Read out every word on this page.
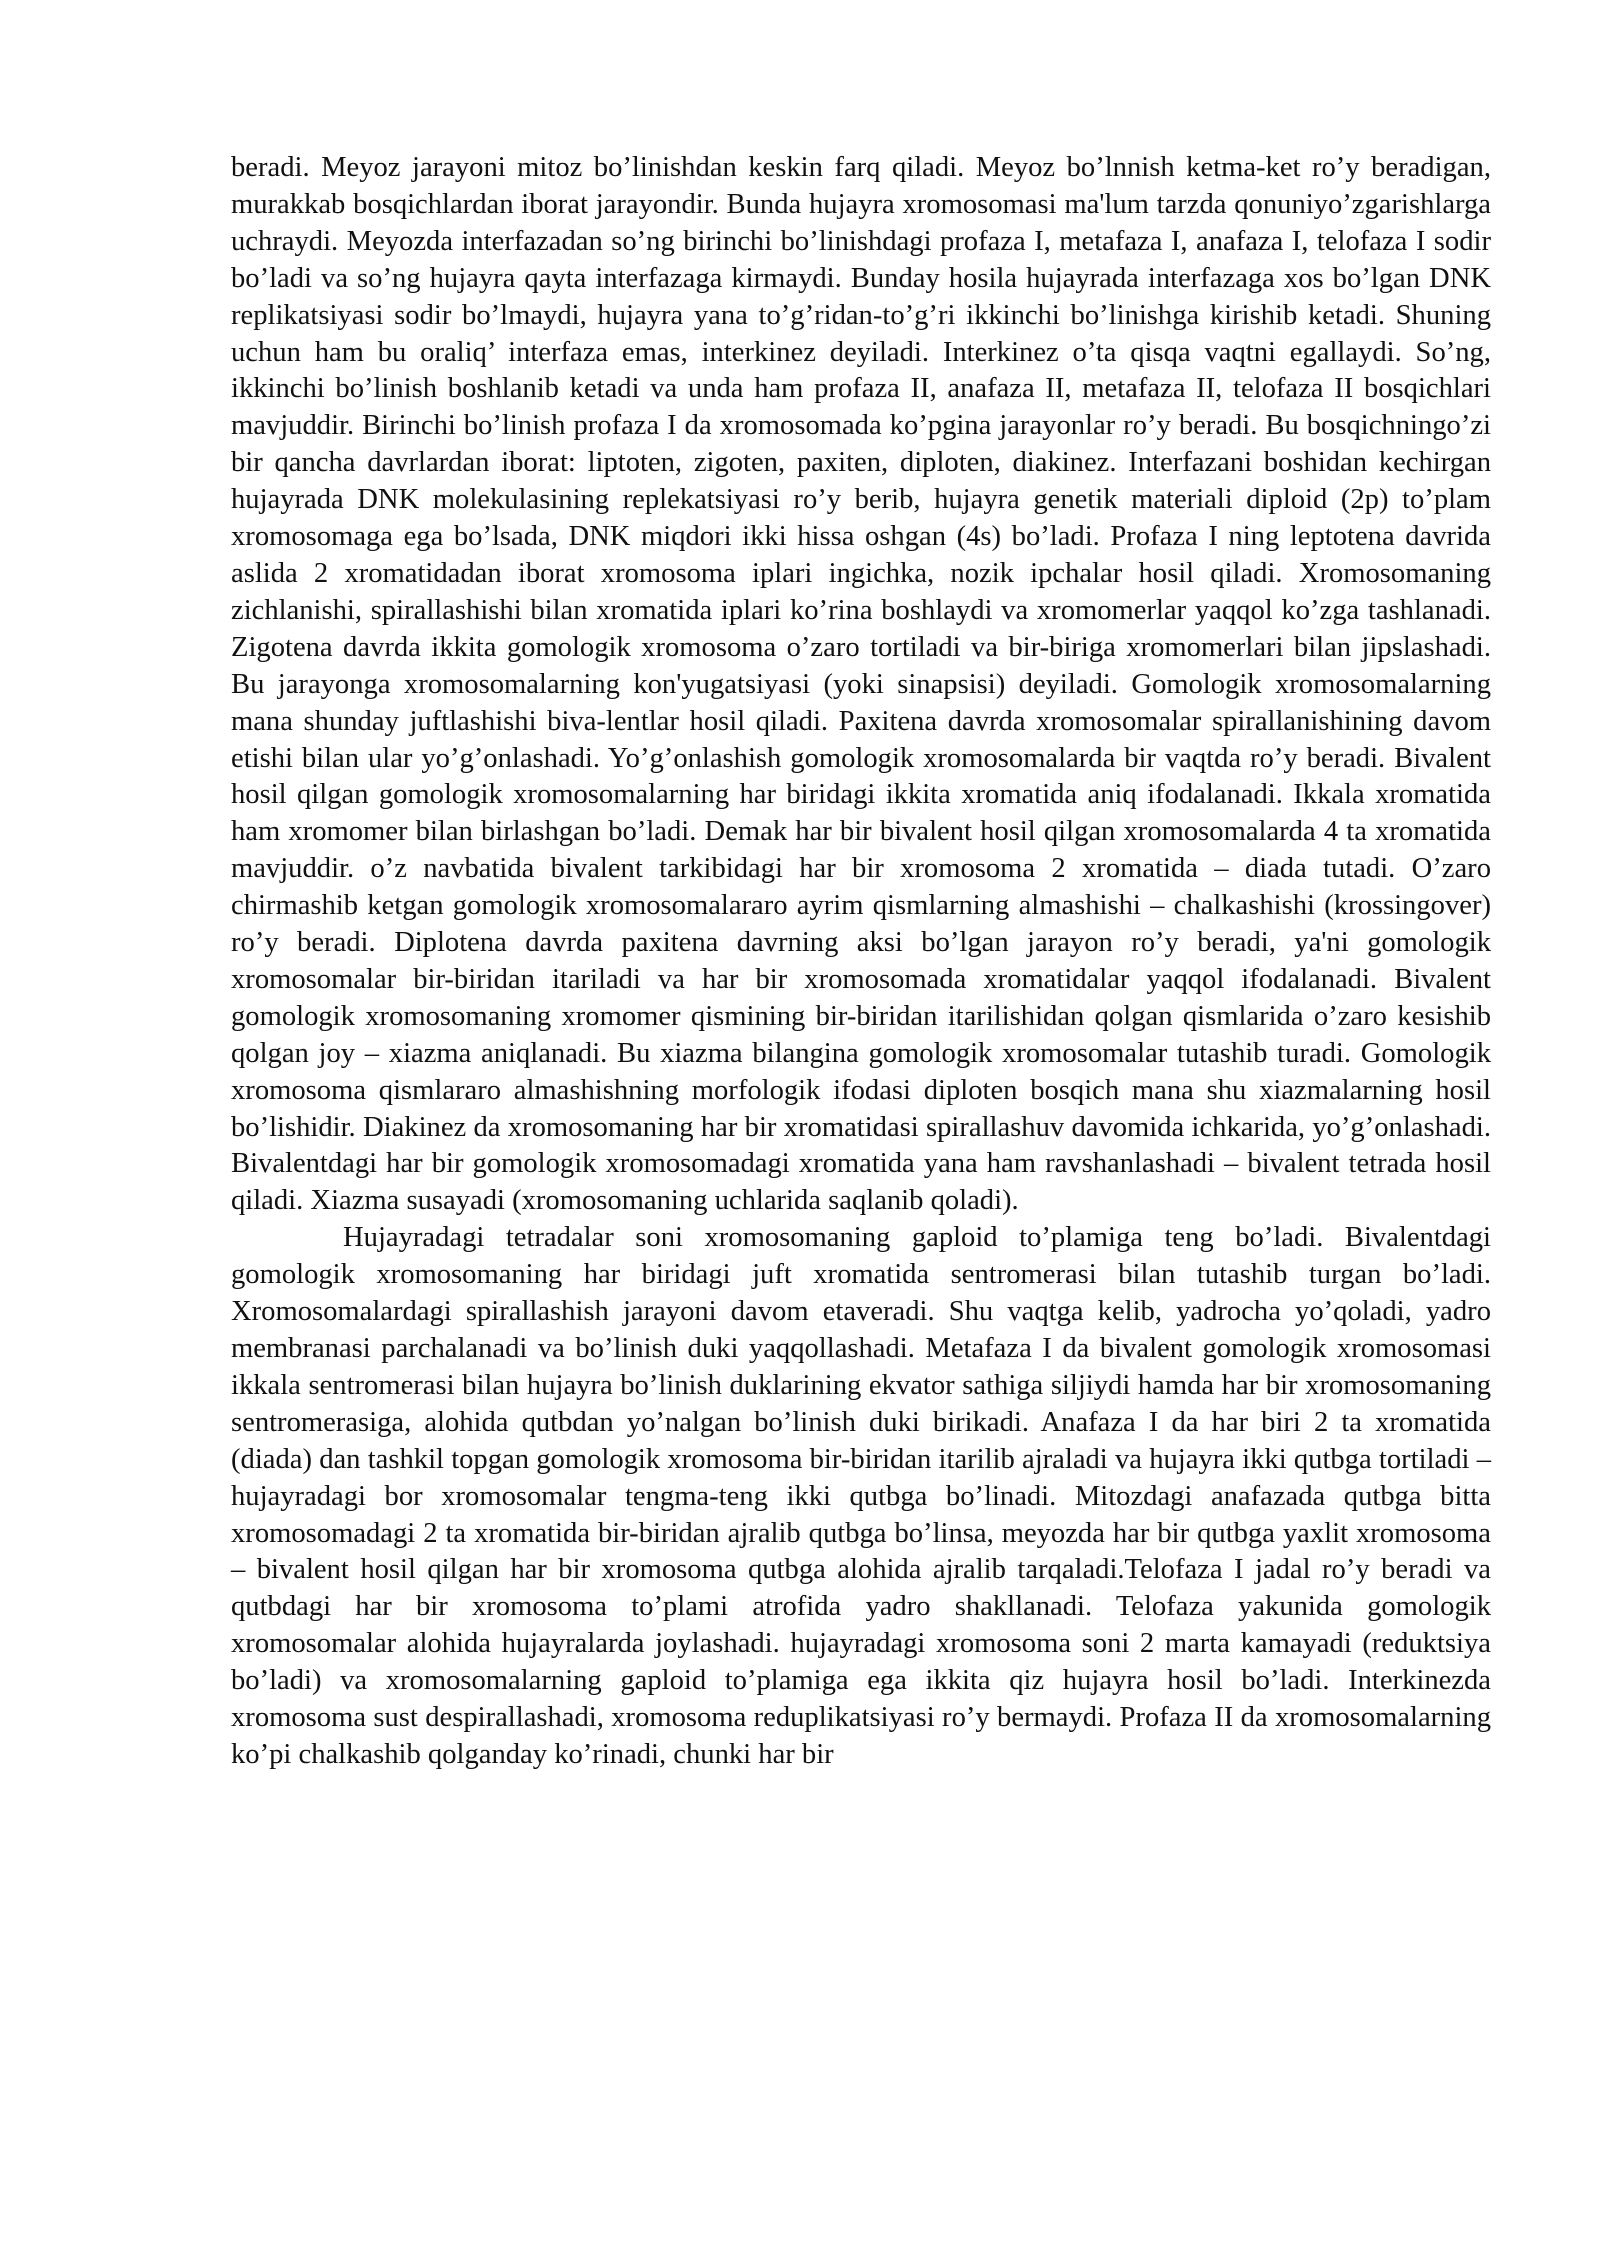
beradi. Meyoz jarayoni mitoz bo’linishdan keskin farq qiladi. Meyoz bo’lnnish ketma-ket ro’y beradigan, murakkab bosqichlardan iborat jarayondir. Bunda hujayra xromosomasi ma'lum tarzda qonuniyo’zgarishlarga uchraydi. Meyozda interfazadan so’ng birinchi bo’linishdagi profaza I, metafaza I, anafaza I, telofaza I sodir bo’ladi va so’ng hujayra qayta interfazaga kirmaydi. Bunday hosila hujayrada interfazaga xos bo’lgan DNK replikatsiyasi sodir bo’lmaydi, hujayra yana to’g’ridan-to’g’ri ikkinchi bo’linishga kirishib ketadi. Shuning uchun ham bu oraliq’ interfaza emas, interkinez deyiladi. Interkinez o’ta qisqa vaqtni egallaydi. So’ng, ikkinchi bo’linish boshlanib ketadi va unda ham profaza II, anafaza II, metafaza II, telofaza II bosqichlari mavjuddir. Birinchi bo’linish profaza I da xromosomada ko’pgina jarayonlar ro’y beradi. Bu bosqichningo’zi bir qancha davrlardan iborat: liptoten, zigoten, paxiten, diploten, diakinez. Interfazani boshidan kechirgan hujayrada DNK molekulasining replekatsiyasi ro’y berib, hujayra genetik materiali diploid (2p) to’plam xromosomaga ega bo’lsada, DNK miqdori ikki hissa oshgan (4s) bo’ladi. Profaza I ning leptotena davrida aslida 2 xromatidadan iborat xromosoma iplari ingichka, nozik ipchalar hosil qiladi. Xromosomaning zichlanishi, spirallashishi bilan xromatida iplari ko’rina boshlaydi va xromomerlar yaqqol ko’zga tashlanadi. Zigotena davrda ikkita gomologik xromosoma o’zaro tortiladi va bir-biriga xromomerlari bilan jipslashadi. Bu jarayonga xromosomalarning kon'yugatsiyasi (yoki sinapsisi) deyiladi. Gomologik xromosomalarning mana shunday juftlashishi biva-lentlar hosil qiladi. Paxitena davrda xromosomalar spirallanishining davom etishi bilan ular yo’g’onlashadi. Yo’g’onlashish gomologik xromosomalarda bir vaqtda ro’y beradi. Bivalent hosil qilgan gomologik xromosomalarning har biridagi ikkita xromatida aniq ifodalanadi. Ikkala xromatida ham xromomer bilan birlashgan bo’ladi. Demak har bir bivalent hosil qilgan xromosomalarda 4 ta xromatida mavjuddir. o’z navbatida bivalent tarkibidagi har bir xromosoma 2 xromatida – diada tutadi. O’zaro chirmashib ketgan gomologik xromosomalararo ayrim qismlarning almashishi – chalkashishi (krossingover) ro’y beradi. Diplotena davrda paxitena davrning aksi bo’lgan jarayon ro’y beradi, ya'ni gomologik xromosomalar bir-biridan itariladi va har bir xromosomada xromatidalar yaqqol ifodalanadi. Bivalent gomologik xromosomaning xromomer qismining bir-biridan itarilishidan qolgan qismlarida o’zaro kesishib qolgan joy – xiazma aniqlanadi. Bu xiazma bilangina gomologik xromosomalar tutashib turadi. Gomologik xromosoma qismlararo almashishning morfologik ifodasi diploten bosqich mana shu xiazmalarning hosil bo’lishidir. Diakinez da xromosomaning har bir xromatidasi spirallashuv davomida ichkarida, yo’g’onlashadi. Bivalentdagi har bir gomologik xromosomadagi xromatida yana ham ravshanlashadi – bivalent tetrada hosil qiladi. Xiazma susayadi (xromosomaning uchlarida saqlanib qoladi).

Hujayradagi tetradalar soni xromosomaning gaploid to’plamiga teng bo’ladi. Bivalentdagi gomologik xromosomaning har biridagi juft xromatida sentromerasi bilan tutashib turgan bo’ladi. Xromosomalardagi spirallashish jarayoni davom etaveradi. Shu vaqtga kelib, yadrocha yo’qoladi, yadro membranasi parchalanadi va bo’linish duki yaqqollashadi. Metafaza I da bivalent gomologik xromosomasi ikkala sentromerasi bilan hujayra bo’linish duklarining ekvator sathiga siljiydi hamda har bir xromosomaning sentromerasiga, alohida qutbdan yo’nalgan bo’linish duki birikadi. Anafaza I da har biri 2 ta xromatida (diada) dan tashkil topgan gomologik xromosoma bir-biridan itarilib ajraladi va hujayra ikki qutbga tortiladi – hujayradagi bor xromosomalar tengma-teng ikki qutbga bo’linadi. Mitozdagi anafazada qutbga bitta xromosomadagi 2 ta xromatida bir-biridan ajralib qutbga bo’linsa, meyozda har bir qutbga yaxlit xromosoma – bivalent hosil qilgan har bir xromosoma qutbga alohida ajralib tarqaladi.Telofaza I jadal ro’y beradi va qutbdagi har bir xromosoma to’plami atrofida yadro shakllanadi. Telofaza yakunida gomologik xromosomalar alohida hujayralarda joylashadi. hujayradagi xromosoma soni 2 marta kamayadi (reduktsiya bo’ladi) va xromosomalarning gaploid to’plamiga ega ikkita qiz hujayra hosil bo’ladi. Interkinezda xromosoma sust despirallashadi, xromosoma reduplikatsiyasi ro’y bermaydi. Profaza II da xromosomalarning ko’pi chalkashib qolganday ko’rinadi, chunki har bir
